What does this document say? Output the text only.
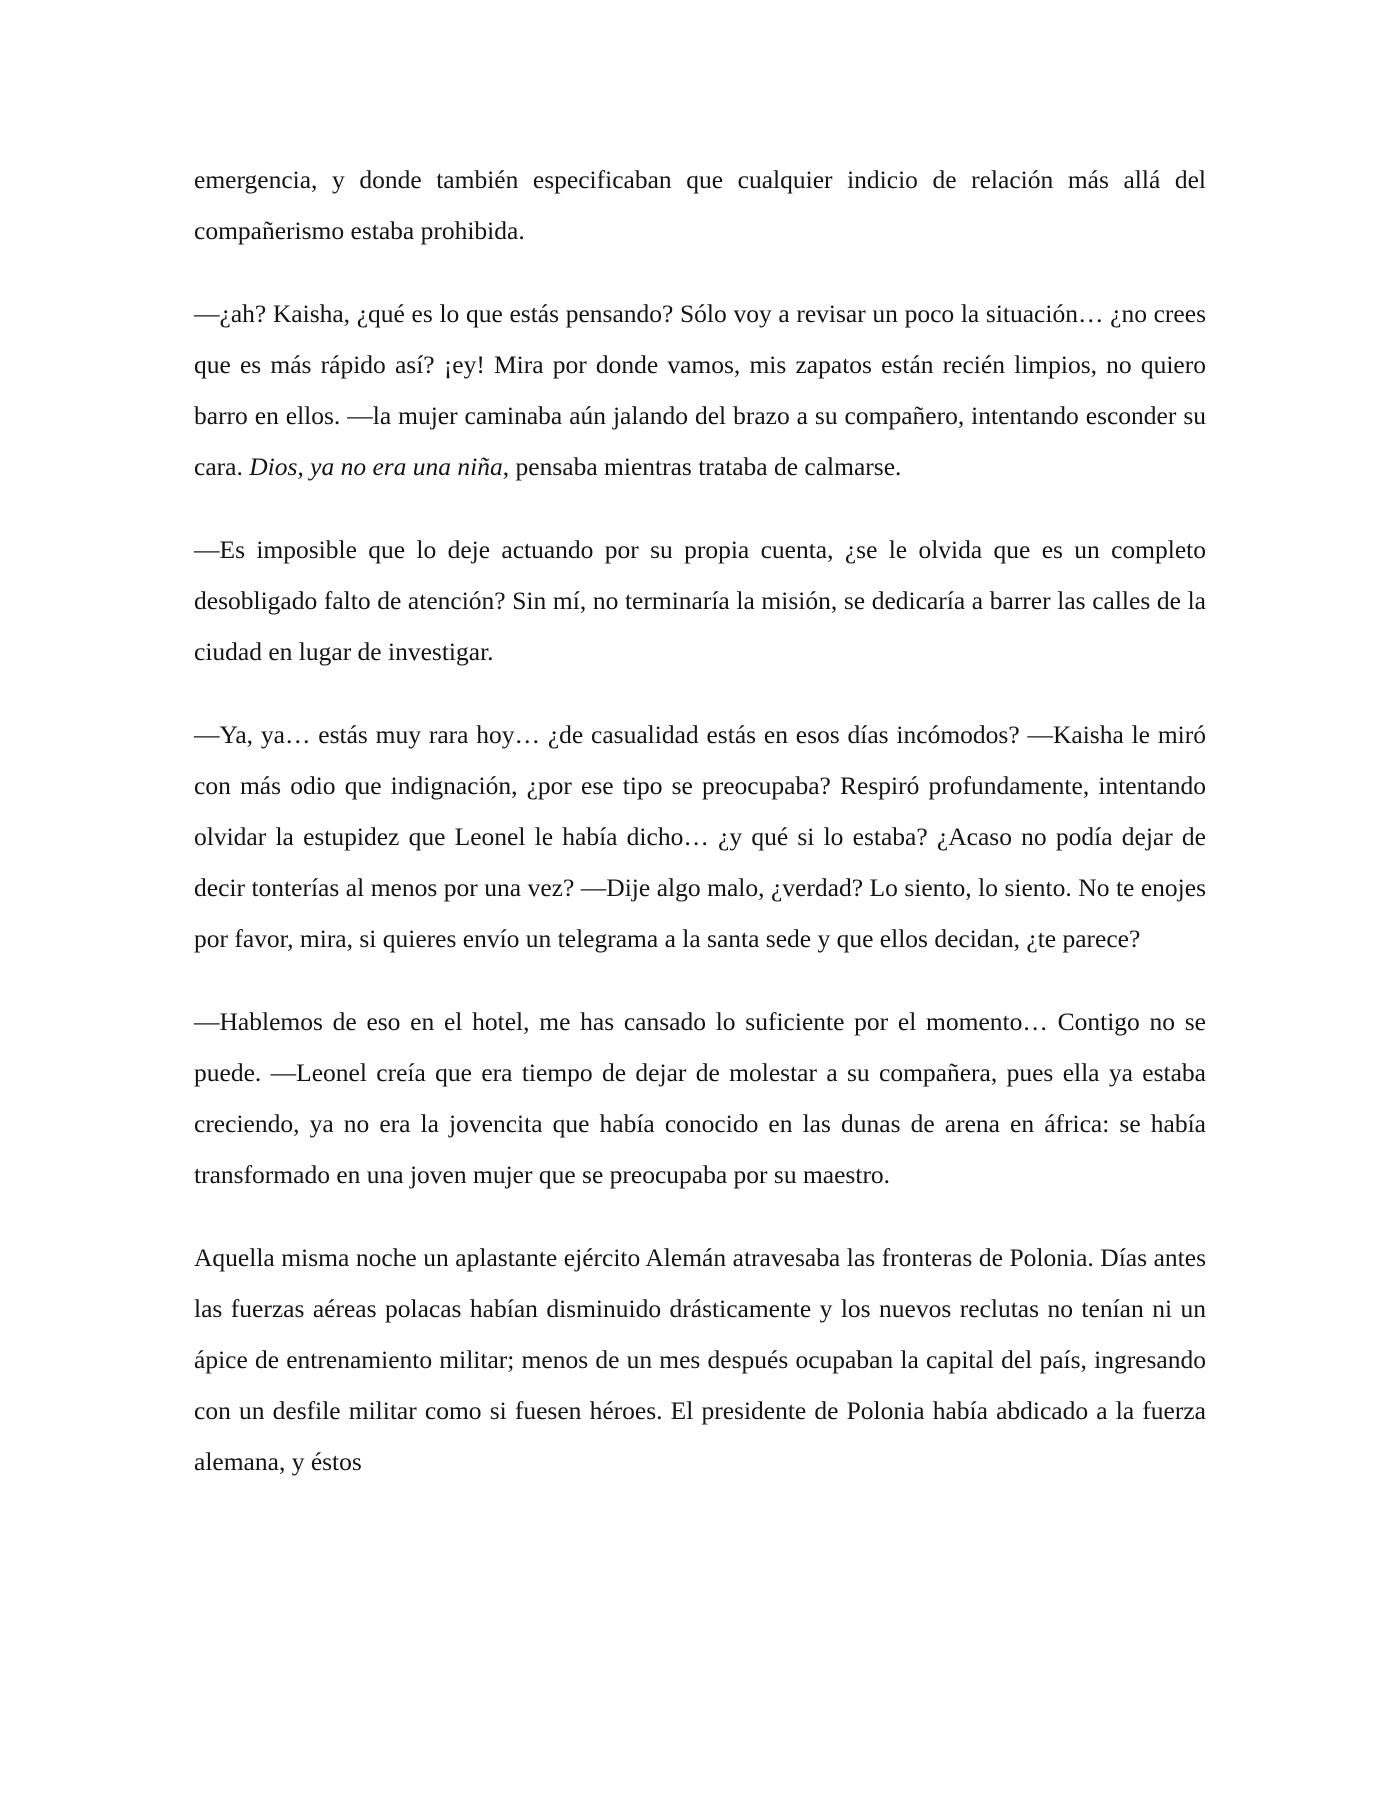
emergencia, y donde también especificaban que cualquier indicio de relación más allá del compañerismo estaba prohibida.

—¿ah? Kaisha, ¿qué es lo que estás pensando? Sólo voy a revisar un poco la situación… ¿no crees que es más rápido así? ¡ey! Mira por donde vamos, mis zapatos están recién limpios, no quiero barro en ellos. —la mujer caminaba aún jalando del brazo a su compañero, intentando esconder su cara. Dios, ya no era una niña, pensaba mientras trataba de calmarse.

—Es imposible que lo deje actuando por su propia cuenta, ¿se le olvida que es un completo desobligado falto de atención? Sin mí, no terminaría la misión, se dedicaría a barrer las calles de la ciudad en lugar de investigar.

—Ya, ya… estás muy rara hoy… ¿de casualidad estás en esos días incómodos? —Kaisha le miró con más odio que indignación, ¿por ese tipo se preocupaba? Respiró profundamente, intentando olvidar la estupidez que Leonel le había dicho… ¿y qué si lo estaba? ¿Acaso no podía dejar de decir tonterías al menos por una vez? —Dije algo malo, ¿verdad? Lo siento, lo siento. No te enojes por favor, mira, si quieres envío un telegrama a la santa sede y que ellos decidan, ¿te parece?

—Hablemos de eso en el hotel, me has cansado lo suficiente por el momento… Contigo no se puede. —Leonel creía que era tiempo de dejar de molestar a su compañera, pues ella ya estaba creciendo, ya no era la jovencita que había conocido en las dunas de arena en áfrica: se había transformado en una joven mujer que se preocupaba por su maestro.

Aquella misma noche un aplastante ejército Alemán atravesaba las fronteras de Polonia. Días antes las fuerzas aéreas polacas habían disminuido drásticamente y los nuevos reclutas no tenían ni un ápice de entrenamiento militar; menos de un mes después ocupaban la capital del país, ingresando con un desfile militar como si fuesen héroes. El presidente de Polonia había abdicado a la fuerza alemana, y éstos
